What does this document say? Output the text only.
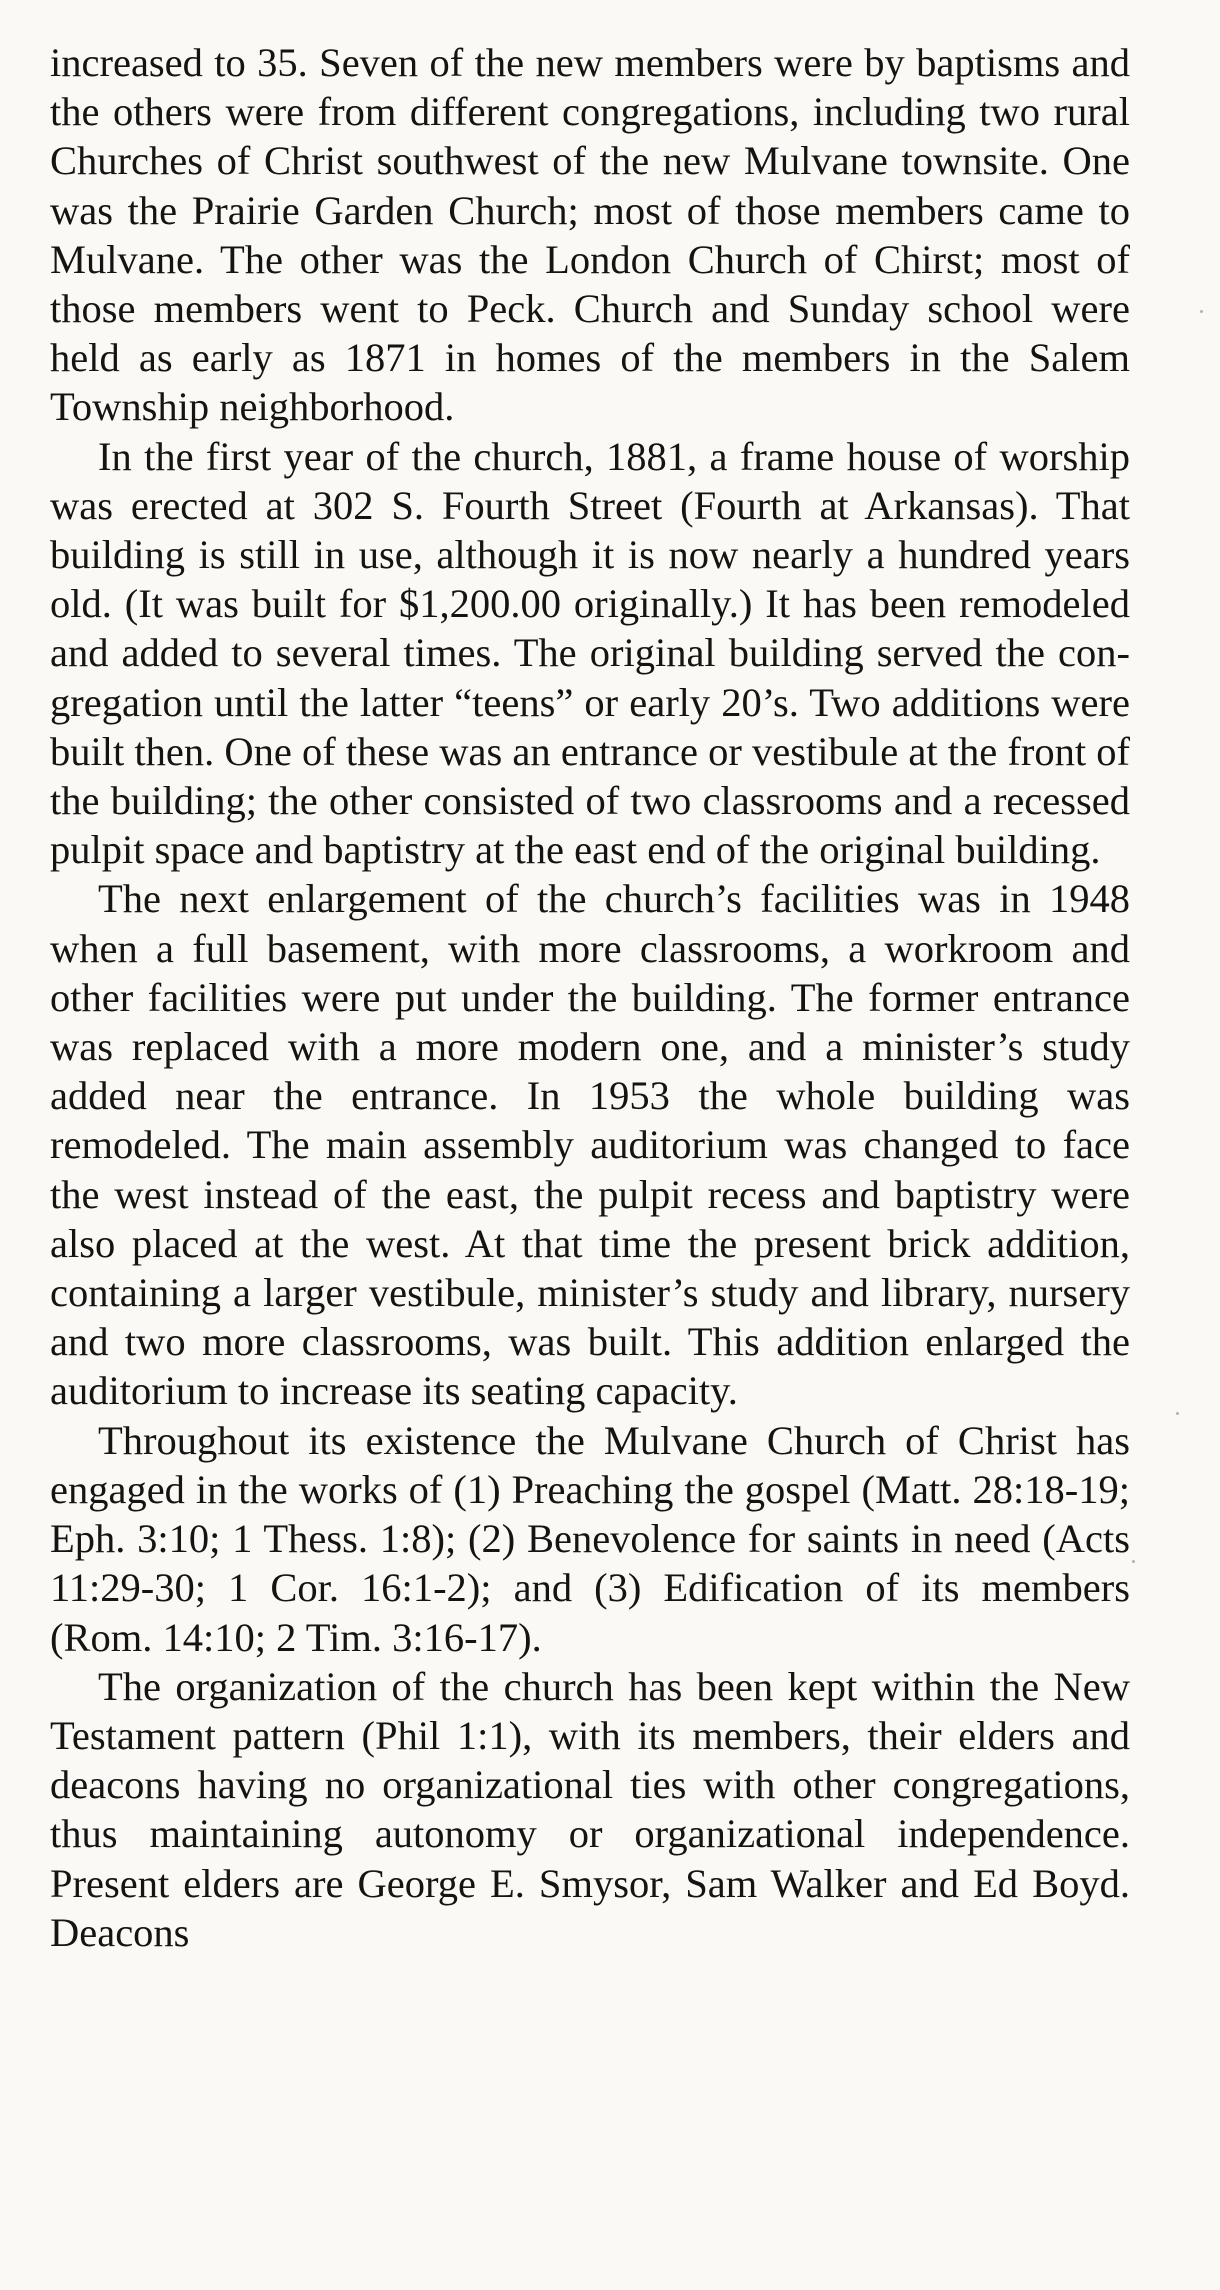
increased to 35. Seven of the new members were by baptisms and the others were from different congregations, including two rural Churches of Christ southwest of the new Mulvane townsite. One was the Prairie Garden Church; most of those members came to Mulvane. The other was the London Church of Chirst; most of those members went to Peck. Church and Sunday school were held as early as 1871 in homes of the members in the Salem Township neighborhood.

In the first year of the church, 1881, a frame house of worship was erected at 302 S. Fourth Street (Fourth at Arkansas). That building is still in use, although it is now nearly a hundred years old. (It was built for $1,200.00 originally.) It has been remodeled and added to several times. The original building served the congregation until the latter “teens” or early 20’s. Two additions were built then. One of these was an entrance or vestibule at the front of the building; the other consisted of two classrooms and a recessed pulpit space and baptistry at the east end of the original building.

The next enlargement of the church’s facilities was in 1948 when a full basement, with more classrooms, a workroom and other facilities were put under the building. The former entrance was replaced with a more modern one, and a minister’s study added near the entrance. In 1953 the whole building was remodeled. The main assembly auditorium was changed to face the west instead of the east, the pulpit recess and baptistry were also placed at the west. At that time the present brick addition, containing a larger vestibule, minister’s study and library, nursery and two more classrooms, was built. This addition enlarged the auditorium to increase its seating capacity.

Throughout its existence the Mulvane Church of Christ has engaged in the works of (1) Preaching the gospel (Matt. 28:18-19; Eph. 3:10; 1 Thess. 1:8); (2) Benevolence for saints in need (Acts 11:29-30; 1 Cor. 16:1-2); and (3) Edification of its members (Rom. 14:10; 2 Tim. 3:16-17).

The organization of the church has been kept within the New Testament pattern (Phil 1:1), with its members, their elders and deacons having no organizational ties with other congregations, thus maintaining autonomy or organizational independence. Present elders are George E. Smysor, Sam Walker and Ed Boyd. Deacons
